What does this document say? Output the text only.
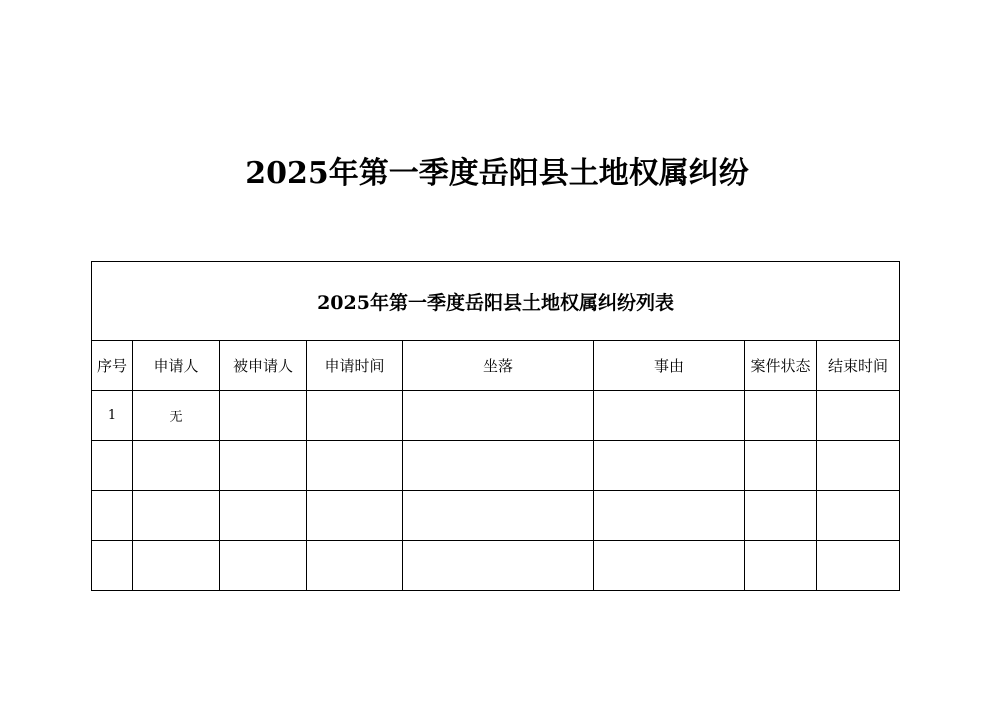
2025年第一季度岳阳县土地权属纠纷
2025年第一季度岳阳县土地权属纠纷列表							
序号	申请人	被申请人	申请时间	坐落	事由	案件状态	结束时间
1	无						
